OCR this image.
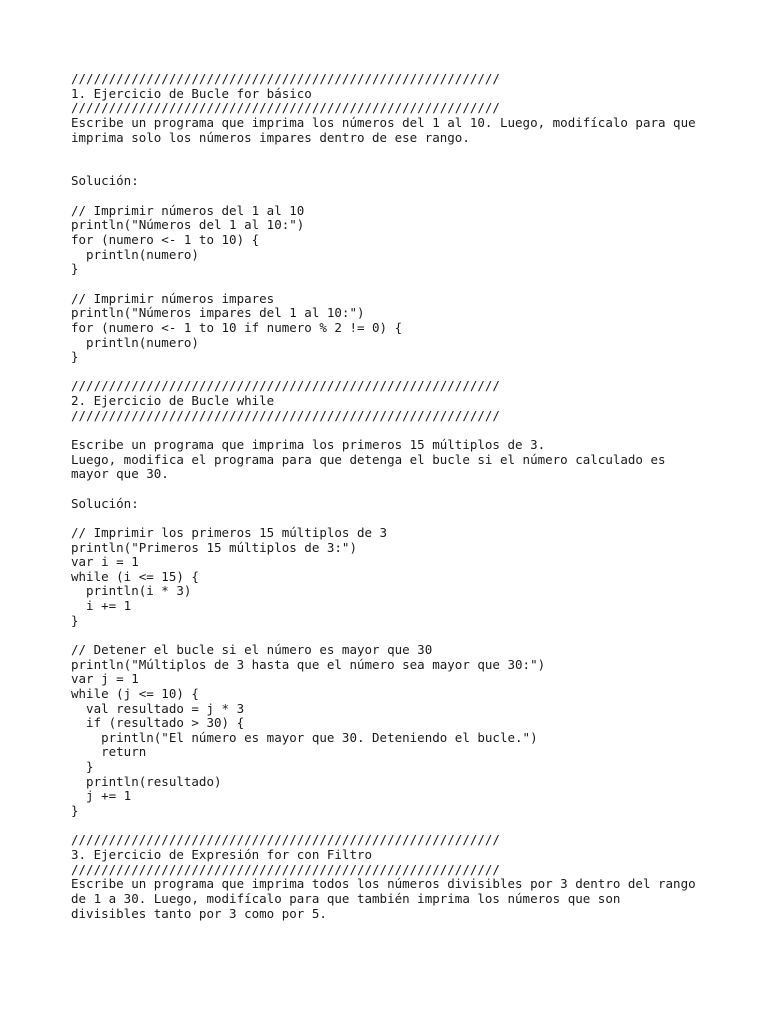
/////////////////////////////////////////////////////////
1. Ejercicio de Bucle for básico
/////////////////////////////////////////////////////////
Escribe un programa que imprima los números del 1 al 10. Luego, modifícalo para que
imprima solo los números impares dentro de ese rango.
Solución:
// Imprimir números del 1 al 10
println("Números del 1 al 10:")
for (numero <- 1 to 10) {
println(numero)
}
// Imprimir números impares
println("Números impares del 1 al 10:")
for (numero <- 1 to 10 if numero % 2 != 0) {
println(numero)
}
/////////////////////////////////////////////////////////
2. Ejercicio de Bucle while
/////////////////////////////////////////////////////////
Escribe un programa que imprima los primeros 15 múltiplos de 3.
Luego, modifica el programa para que detenga el bucle si el número calculado es
mayor que 30.
Solución:
// Imprimir los primeros 15 múltiplos de 3
println("Primeros 15 múltiplos de 3:")
var i = 1
while (i <= 15) {
println(i * 3)
i += 1
}
// Detener el bucle si el número es mayor que 30
println("Múltiplos de 3 hasta que el número sea mayor que 30:")
var j = 1
while (j <= 10) {
val resultado = j * 3
if (resultado > 30) {
println("El número es mayor que 30. Deteniendo el bucle.")
return
}
println(resultado)
j += 1
}
/////////////////////////////////////////////////////////
3. Ejercicio de Expresión for con Filtro
/////////////////////////////////////////////////////////
Escribe un programa que imprima todos los números divisibles por 3 dentro del rango
de 1 a 30. Luego, modifícalo para que también imprima los números que son
divisibles tanto por 3 como por 5.
